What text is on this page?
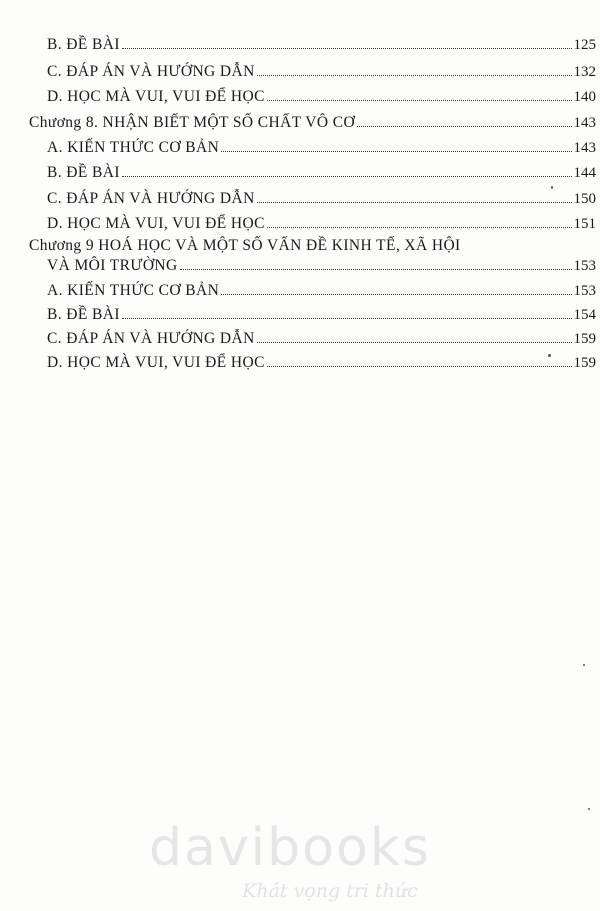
B. ĐỀ BÀI	125
C. ĐÁP ÁN VÀ HƯỚNG DẪN	132
D. HỌC MÀ VUI, VUI ĐỂ HỌC	140
Chương 8. NHẬN BIẾT MỘT SỐ CHẤT VÔ CƠ	143
A. KIẾN THỨC CƠ BẢN	143
B. ĐỀ BÀI	144
C. ĐÁP ÁN VÀ HƯỚNG DẪN	150
D. HỌC MÀ VUI, VUI ĐỂ HỌC	151
Chương 9 HOÁ HỌC VÀ MỘT SỐ VẤN ĐỀ KINH TẾ, XÃ HỘI
VÀ MÔI TRƯỜNG	153
A. KIẾN THỨC CƠ BẢN	153
B. ĐỀ BÀI	154
C. ĐÁP ÁN VÀ HƯỚNG DẪN	159
D. HỌC MÀ VUI, VUI ĐỂ HỌC	159
davibooks
Khát vọng tri thức
